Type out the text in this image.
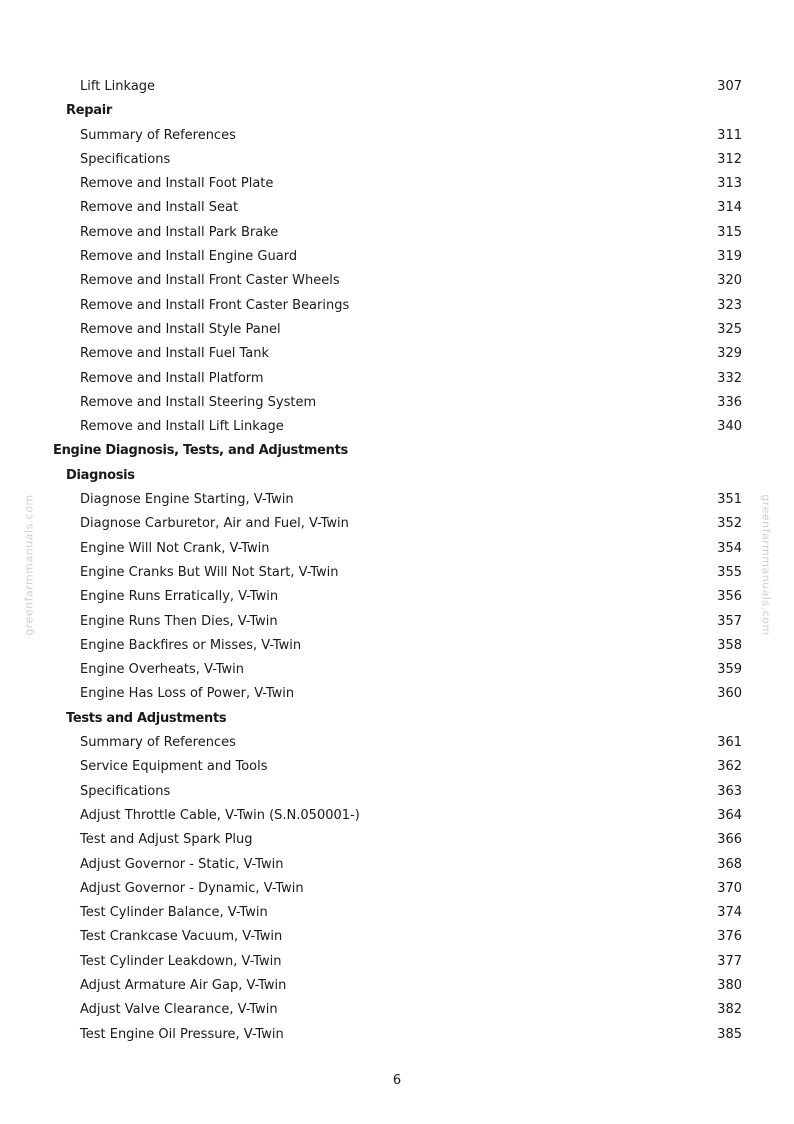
greenfarmmanuals.com	greenfarmmanuals.com
Lift Linkage	307
Repair
Summary of References	311
Specifications	312
Remove and Install Foot Plate	313
Remove and Install Seat	314
Remove and Install Park Brake	315
Remove and Install Engine Guard	319
Remove and Install Front Caster Wheels	320
Remove and Install Front Caster Bearings	323
Remove and Install Style Panel	325
Remove and Install Fuel Tank	329
Remove and Install Platform	332
Remove and Install Steering System	336
Remove and Install Lift Linkage	340
Engine Diagnosis, Tests, and Adjustments
Diagnosis
Diagnose Engine Starting, V-Twin	351
Diagnose Carburetor, Air and Fuel, V-Twin	352
Engine Will Not Crank, V-Twin	354
Engine Cranks But Will Not Start, V-Twin	355
Engine Runs Erratically, V-Twin	356
Engine Runs Then Dies, V-Twin	357
Engine Backfires or Misses, V-Twin	358
Engine Overheats, V-Twin	359
Engine Has Loss of Power, V-Twin	360
Tests and Adjustments
Summary of References	361
Service Equipment and Tools	362
Specifications	363
Adjust Throttle Cable, V-Twin (S.N.050001-)	364
Test and Adjust Spark Plug	366
Adjust Governor - Static, V-Twin	368
Adjust Governor - Dynamic, V-Twin	370
Test Cylinder Balance, V-Twin	374
Test Crankcase Vacuum, V-Twin	376
Test Cylinder Leakdown, V-Twin	377
Adjust Armature Air Gap, V-Twin	380
Adjust Valve Clearance, V-Twin	382
Test Engine Oil Pressure, V-Twin	385
6
